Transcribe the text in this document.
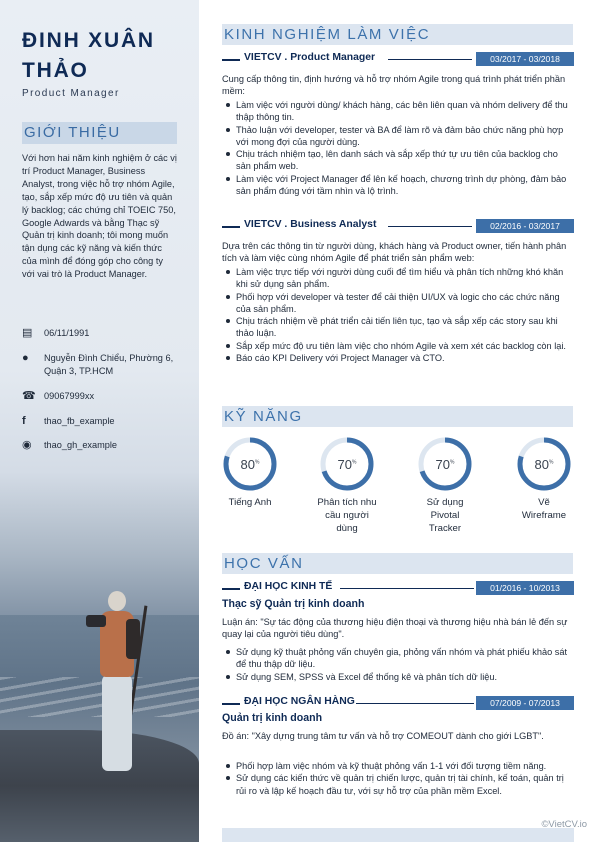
ĐINH XUÂN THẢO
Product Manager
GIỚI THIỆU
Với hơn hai năm kinh nghiệm ở các vị trí Product Manager, Business Analyst, trong việc hỗ trợ nhóm Agile, tạo, sắp xếp mức độ ưu tiên và quản lý backlog; các chứng chỉ TOEIC 750, Google Adwards và bằng Thạc sỹ Quản trị kinh doanh; tôi mong muốn tận dụng các kỹ năng và kiến thức của mình để đóng góp cho công ty với vai trò là Product Manager.
▤	06/11/1991
●	Nguyễn Đình Chiểu, Phường 6, Quận 3, TP.HCM
☎ 09067999xx
f	thao_fb_example
◉	thao_gh_example
KINH NGHIỆM LÀM VIỆC
VIETCV . Product Manager	03/2017 - 03/2018
Cung cấp thông tin, định hướng và hỗ trợ nhóm Agile trong quá trình phát triển phần mềm:
Làm việc với người dùng/ khách hàng, các bên liên quan và nhóm delivery để thu thập thông tin.
Thảo luận với developer, tester và BA để làm rõ và đảm bảo chức năng phù hợp với mong đợi của người dùng.
Chịu trách nhiệm tạo, lên danh sách và sắp xếp thứ tự ưu tiên của backlog cho sản phẩm web.
Làm việc với Project Manager để lên kế hoạch, chương trình dự phòng, đảm bảo sản phẩm đúng với tầm nhìn và lộ trình.
VIETCV . Business Analyst	02/2016 - 03/2017
Dựa trên các thông tin từ người dùng, khách hàng và Product owner, tiến hành phân tích và làm việc cùng nhóm Agile để phát triển sản phẩm web:
Làm việc trực tiếp với người dùng cuối để tìm hiểu và phân tích những khó khăn khi sử dụng sản phẩm.
Phối hợp với developer và tester để cải thiện UI/UX và logic cho các chức năng của sản phẩm.
Chịu trách nhiệm về phát triển cải tiến liên tục, tạo và sắp xếp các story sau khi thảo luận.
Sắp xếp mức độ ưu tiên làm việc cho nhóm Agile và xem xét các backlog còn lại.
Báo cáo KPI Delivery với Project Manager và CTO.
KỸ NĂNG
80%
Tiếng Anh
70%
Phân tích nhu cầu người dùng
70%
Sử dụng Pivotal Tracker
80%
Vẽ Wireframe
HỌC VẤN
ĐẠI HỌC KINH TẾ	01/2016 - 10/2013
Thạc sỹ Quản trị kinh doanh
Luận án: "Sự tác động của thương hiệu điện thoại và thương hiệu nhà bán lẻ đến sự quay lại của người tiêu dùng".
Sử dụng kỹ thuật phỏng vấn chuyên gia, phỏng vấn nhóm và phát phiếu khảo sát để thu thập dữ liệu.
Sử dụng SEM, SPSS và Excel để thống kê và phân tích dữ liệu.
ĐẠI HỌC NGÂN HÀNG	07/2009 - 07/2013
Quản trị kinh doanh
Đồ án: "Xây dựng trung tâm tư vấn và hỗ trợ COMEOUT dành cho giới LGBT".
Phối hợp làm việc nhóm và kỹ thuật phỏng vấn 1-1 với đối tượng tiềm năng.
Sử dụng các kiến thức về quản trị chiến lược, quản trị tài chính, kế toán, quản trị rủi ro và lập kế hoạch đầu tư, với sự hỗ trợ của phần mềm Excel.
©VietCV.io
